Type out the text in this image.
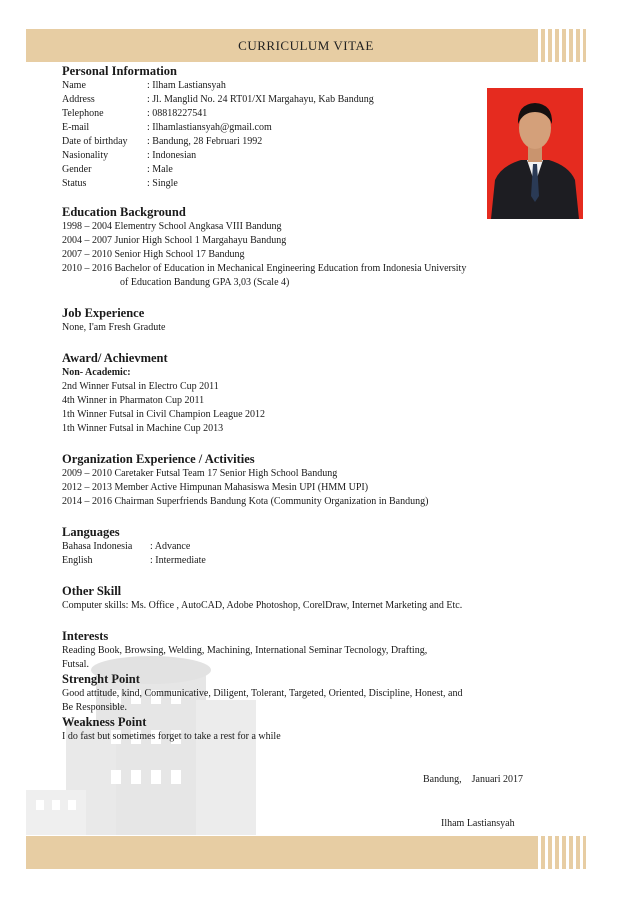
CURRICULUM VITAE
Personal Information
Name	: Ilham Lastiansyah
Address	: Jl. Manglid No. 24 RT01/XI Margahayu, Kab Bandung
Telephone	: 08818227541
E-mail	: Ilhamlastiansyah@gmail.com
Date of birthday	: Bandung, 28 Februari 1992
Nasionality	: Indonesian
Gender	: Male
Status	: Single
Education Background
1998 – 2004 Elementry School Angkasa VIII Bandung
2004 – 2007 Junior High School 1 Margahayu Bandung
2007 – 2010 Senior High School 17 Bandung
2010 – 2016 Bachelor of Education in Mechanical Engineering Education from Indonesia University
of Education Bandung GPA 3,03 (Scale 4)
Job Experience
None, I'am Fresh Gradute
Award/ Achievment
Non- Academic:
2nd Winner Futsal in Electro Cup 2011
4th Winner in Pharmaton Cup 2011
1th Winner Futsal in Civil Champion League 2012
1th Winner Futsal in Machine Cup 2013
Organization Experience / Activities
2009 – 2010 Caretaker Futsal Team 17 Senior High School Bandung
2012 – 2013 Member Active Himpunan Mahasiswa Mesin UPI (HMM UPI)
2014 – 2016 Chairman Superfriends Bandung Kota (Community Organization in Bandung)
Languages
Bahasa Indonesia	: Advance
English	: Intermediate
Other Skill
Computer skills: Ms. Office , AutoCAD, Adobe Photoshop, CorelDraw, Internet Marketing and Etc.
Interests
Reading Book, Browsing, Welding, Machining, International Seminar Tecnology, Drafting,
Futsal.
Strenght Point
Good attitude, kind, Communicative, Diligent, Tolerant, Targeted, Oriented, Discipline, Honest, and
Be Responsible.
Weakness Point
I do fast but sometimes forget to take a rest for a while
Bandung,    Januari 2017
Ilham Lastiansyah
